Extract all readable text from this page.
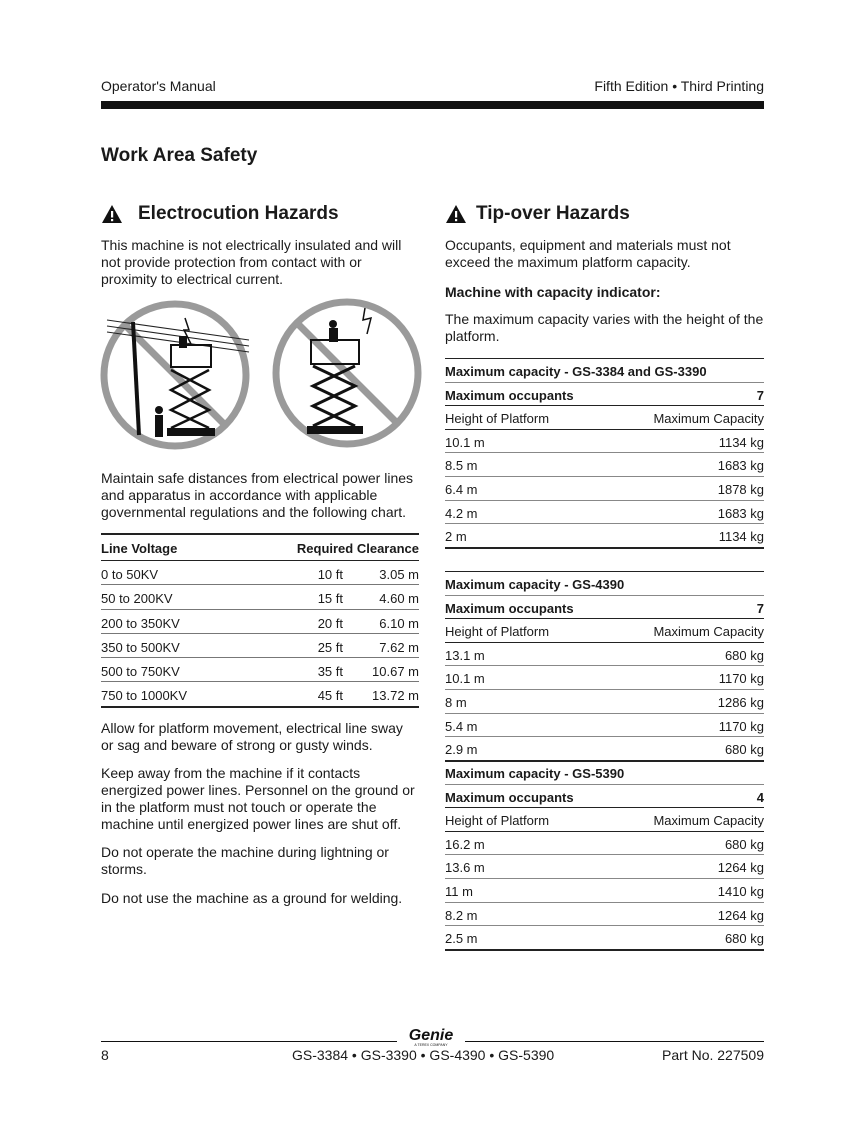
Operator's Manual	Fifth Edition • Third Printing
Work Area Safety
Electrocution Hazards
This machine is not electrically insulated and will not provide protection from contact with or proximity to electrical current.
Maintain safe distances from electrical power lines and apparatus in accordance with applicable governmental regulations and the following chart.
Line Voltage	Required Clearance
0 to 50KV	10 ft	3.05 m
50 to 200KV	15 ft	4.60 m
200 to 350KV	20 ft	6.10 m
350 to 500KV	25 ft	7.62 m
500 to 750KV	35 ft 10.67 m
750 to 1000KV	45 ft 13.72 m
Allow for platform movement, electrical line sway or sag and beware of strong or gusty winds.
Keep away from the machine if it contacts energized power lines. Personnel on the ground or in the platform must not touch or operate the machine until energized power lines are shut off.
Do not operate the machine during lightning or storms.
Do not use the machine as a ground for welding.
Tip-over Hazards
Occupants, equipment and materials must not exceed the maximum platform capacity.
Machine with capacity indicator:
The maximum capacity varies with the height of the platform.
Maximum capacity - GS-3384 and GS-3390
Maximum occupants	7
Height of Platform	Maximum Capacity
10.1 m	1134 kg
8.5 m	1683 kg
6.4 m	1878 kg
4.2 m	1683 kg
2 m	1134 kg
Maximum capacity - GS-4390
Maximum occupants	7
Height of Platform	Maximum Capacity
13.1 m	680 kg
10.1 m	1170 kg
8 m	1286 kg
5.4 m	1170 kg
2.9 m	680 kg
Maximum capacity - GS-5390
Maximum occupants	4
Height of Platform	Maximum Capacity
16.2 m	680 kg
13.6 m	1264 kg
11 m	1410 kg
8.2 m	1264 kg
2.5 m	680 kg
Genie
A TEREX COMPANY
8	GS-3384 • GS-3390 • GS-4390 • GS-5390	Part No. 227509
